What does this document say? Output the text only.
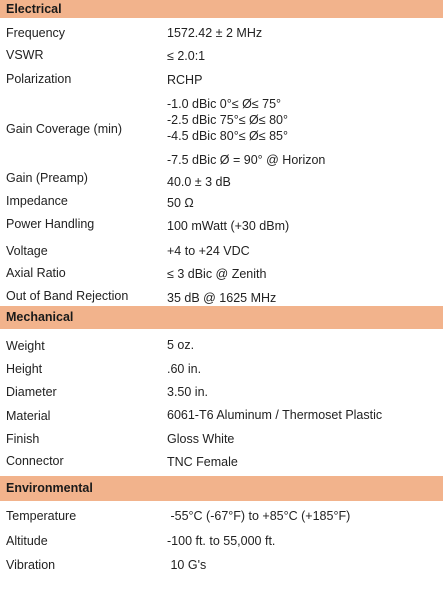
Electrical
Frequency	1572.42 ± 2 MHz
VSWR	≤ 2.0:1
Polarization	RCHP
Gain Coverage (min)
-1.0 dBic 0°≤ Ø≤ 75°
-2.5 dBic 75°≤ Ø≤ 80°
-4.5 dBic 80°≤ Ø≤ 85°
-7.5 dBic Ø = 90° @ Horizon
Gain (Preamp)	40.0 ± 3 dB
Impedance	50 Ω
Power Handling	100 mWatt (+30 dBm)
Voltage	+4 to +24 VDC
Axial Ratio	≤ 3 dBic @ Zenith
Out of Band Rejection	35 dB @ 1625 MHz
Mechanical
Weight	5 oz.
Height	.60 in.
Diameter	3.50 in.
Material	6061-T6 Aluminum / Thermoset Plastic
Finish	Gloss White
Connector	TNC Female
Environmental
Temperature	-55°C (-67°F) to +85°C (+185°F)
Altitude	-100 ft. to 55,000 ft.
Vibration	10 G's
